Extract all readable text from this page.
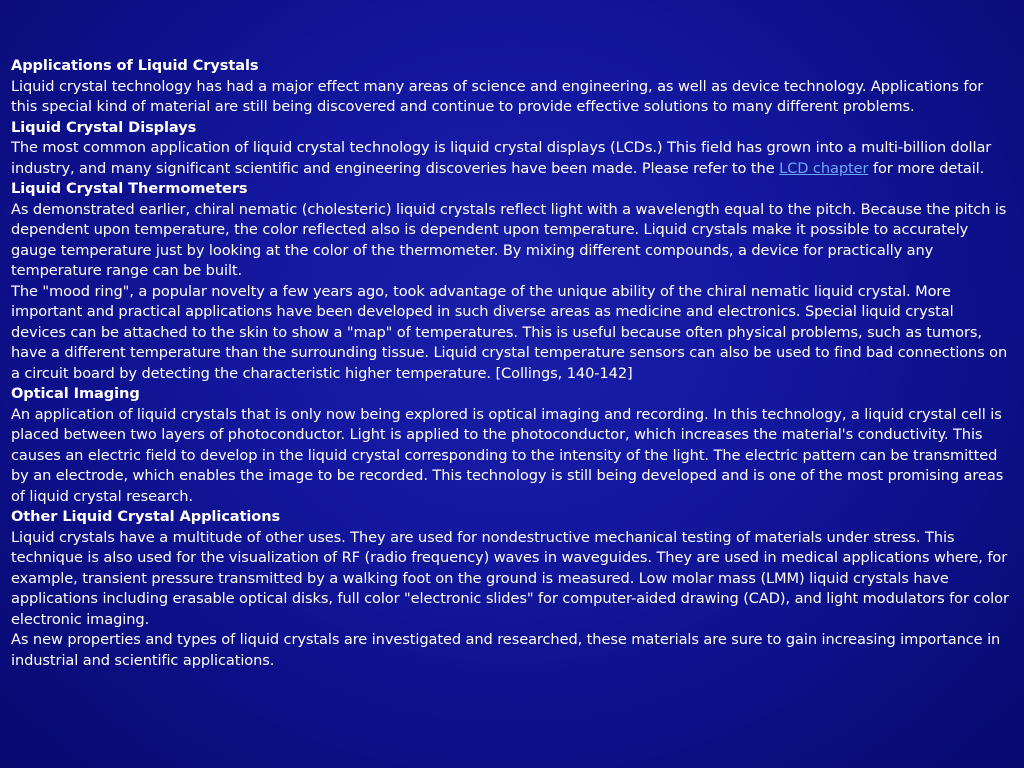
Applications of Liquid Crystals

Liquid crystal technology has had a major effect many areas of science and engineering, as well as device technology. Applications for this special kind of material are still being discovered and continue to provide effective solutions to many different problems.

Liquid Crystal Displays

The most common application of liquid crystal technology is liquid crystal displays (LCDs.) This field has grown into a multi-billion dollar industry, and many significant scientific and engineering discoveries have been made. Please refer to the LCD chapter for more detail.

Liquid Crystal Thermometers

As demonstrated earlier, chiral nematic (cholesteric) liquid crystals reflect light with a wavelength equal to the pitch. Because the pitch is dependent upon temperature, the color reflected also is dependent upon temperature. Liquid crystals make it possible to accurately gauge temperature just by looking at the color of the thermometer. By mixing different compounds, a device for practically any temperature range can be built.

The "mood ring", a popular novelty a few years ago, took advantage of the unique ability of the chiral nematic liquid crystal. More important and practical applications have been developed in such diverse areas as medicine and electronics. Special liquid crystal devices can be attached to the skin to show a "map" of temperatures. This is useful because often physical problems, such as tumors, have a different temperature than the surrounding tissue. Liquid crystal temperature sensors can also be used to find bad connections on a circuit board by detecting the characteristic higher temperature. [Collings, 140-142]

Optical Imaging

An application of liquid crystals that is only now being explored is optical imaging and recording. In this technology, a liquid crystal cell is placed between two layers of photoconductor. Light is applied to the photoconductor, which increases the material's conductivity. This causes an electric field to develop in the liquid crystal corresponding to the intensity of the light. The electric pattern can be transmitted by an electrode, which enables the image to be recorded. This technology is still being developed and is one of the most promising areas of liquid crystal research.

Other Liquid Crystal Applications

Liquid crystals have a multitude of other uses. They are used for nondestructive mechanical testing of materials under stress. This technique is also used for the visualization of RF (radio frequency) waves in waveguides. They are used in medical applications where, for example, transient pressure transmitted by a walking foot on the ground is measured. Low molar mass (LMM) liquid crystals have applications including erasable optical disks, full color "electronic slides" for computer-aided drawing (CAD), and light modulators for color electronic imaging.

As new properties and types of liquid crystals are investigated and researched, these materials are sure to gain increasing importance in industrial and scientific applications.
